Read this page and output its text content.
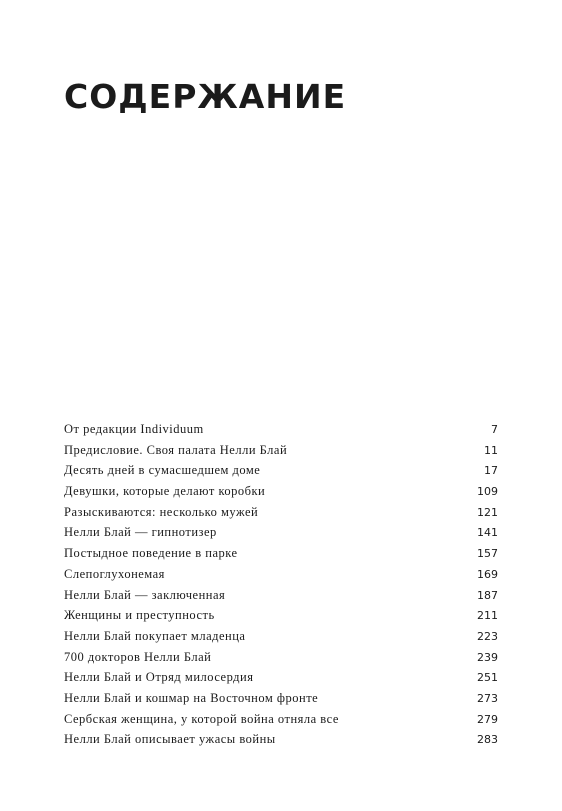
СОДЕРЖАНИЕ
От редакции Individuum	7
Предисловие. Своя палата Нелли Блай	11
Десять дней в сумасшедшем доме	17
Девушки, которые делают коробки	109
Разыскиваются: несколько мужей	121
Нелли Блай — гипнотизер	141
Постыдное поведение в парке	157
Слепоглухонемая	169
Нелли Блай — заключенная	187
Женщины и преступность	211
Нелли Блай покупает младенца	223
700 докторов Нелли Блай	239
Нелли Блай и Отряд милосердия	251
Нелли Блай и кошмар на Восточном фронте	273
Сербская женщина, у которой война отняла все	279
Нелли Блай описывает ужасы войны	283
